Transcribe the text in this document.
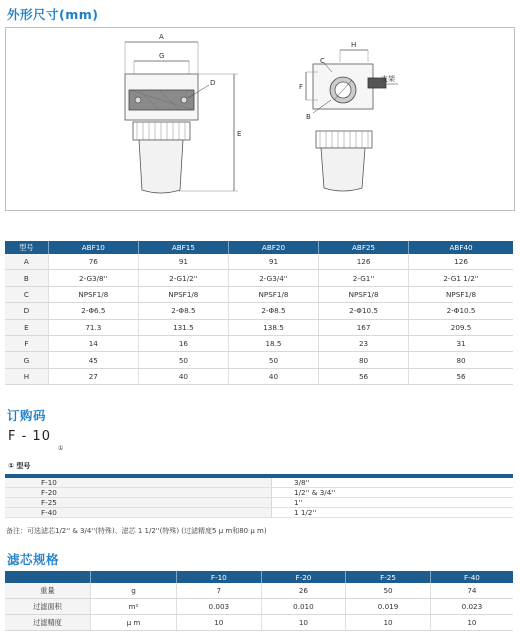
外形尺寸(mm)
A
G
D
E
C
H
F
B
支架
型号	ABF10	ABF15	ABF20	ABF25	ABF40
A	76	91	91	126	126
B	2-G3/8''	2-G1/2''	2-G3/4''	2-G1''	2-G1 1/2''
C	NPSF1/8	NPSF1/8	NPSF1/8	NPSF1/8	NPSF1/8
D	2-Φ6.5	2-Φ8.5	2-Φ8.5	2-Φ10.5	2-Φ10.5
E	71.3	131.5	138.5	167	209.5
F	14	16	18.5	23	31
G	45	50	50	80	80
H	27	40	40	56	56
订购码
F - 10
①
① 型号

F-10	3/8''
F-20	1/2'' & 3/4''
F-25	1''
F-40	1 1/2''
备注：可选滤芯1/2'' & 3/4''(特殊)、滤芯 1 1/2''(特殊) (过滤精度5 μ m和80 μ m)
滤芯规格
		F-10	F-20	F-25	F-40
重量	g	7	26	50	74
过滤面积	m²	0.003	0.010	0.019	0.023
过滤精度	μ m	10	10	10	10
